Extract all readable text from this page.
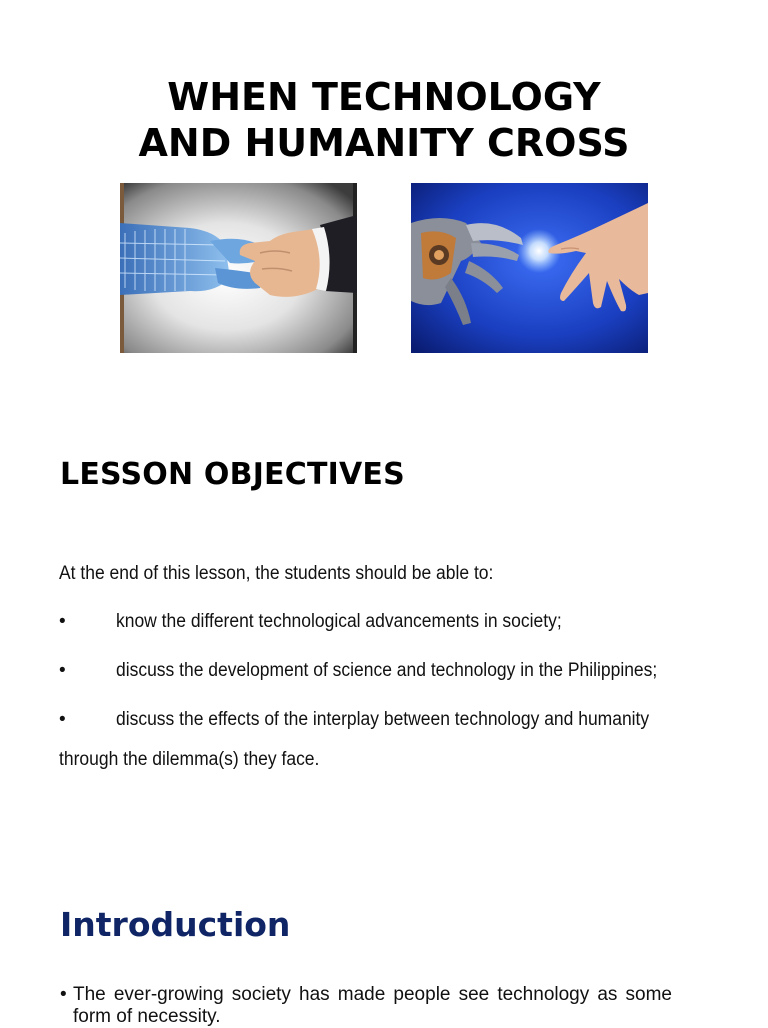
WHEN TECHNOLOGY
AND HUMANITY CROSS
LESSON OBJECTIVES

At the end of this lesson, the students should be able to:

•	know the different technological advancements in society;

•	discuss the development of science and technology in the Philippines;

•	discuss the effects of the interplay between technology and humanity

through the dilemma(s) they face.

Introduction
• The ever-growing society has made people see technology as some form of necessity.
